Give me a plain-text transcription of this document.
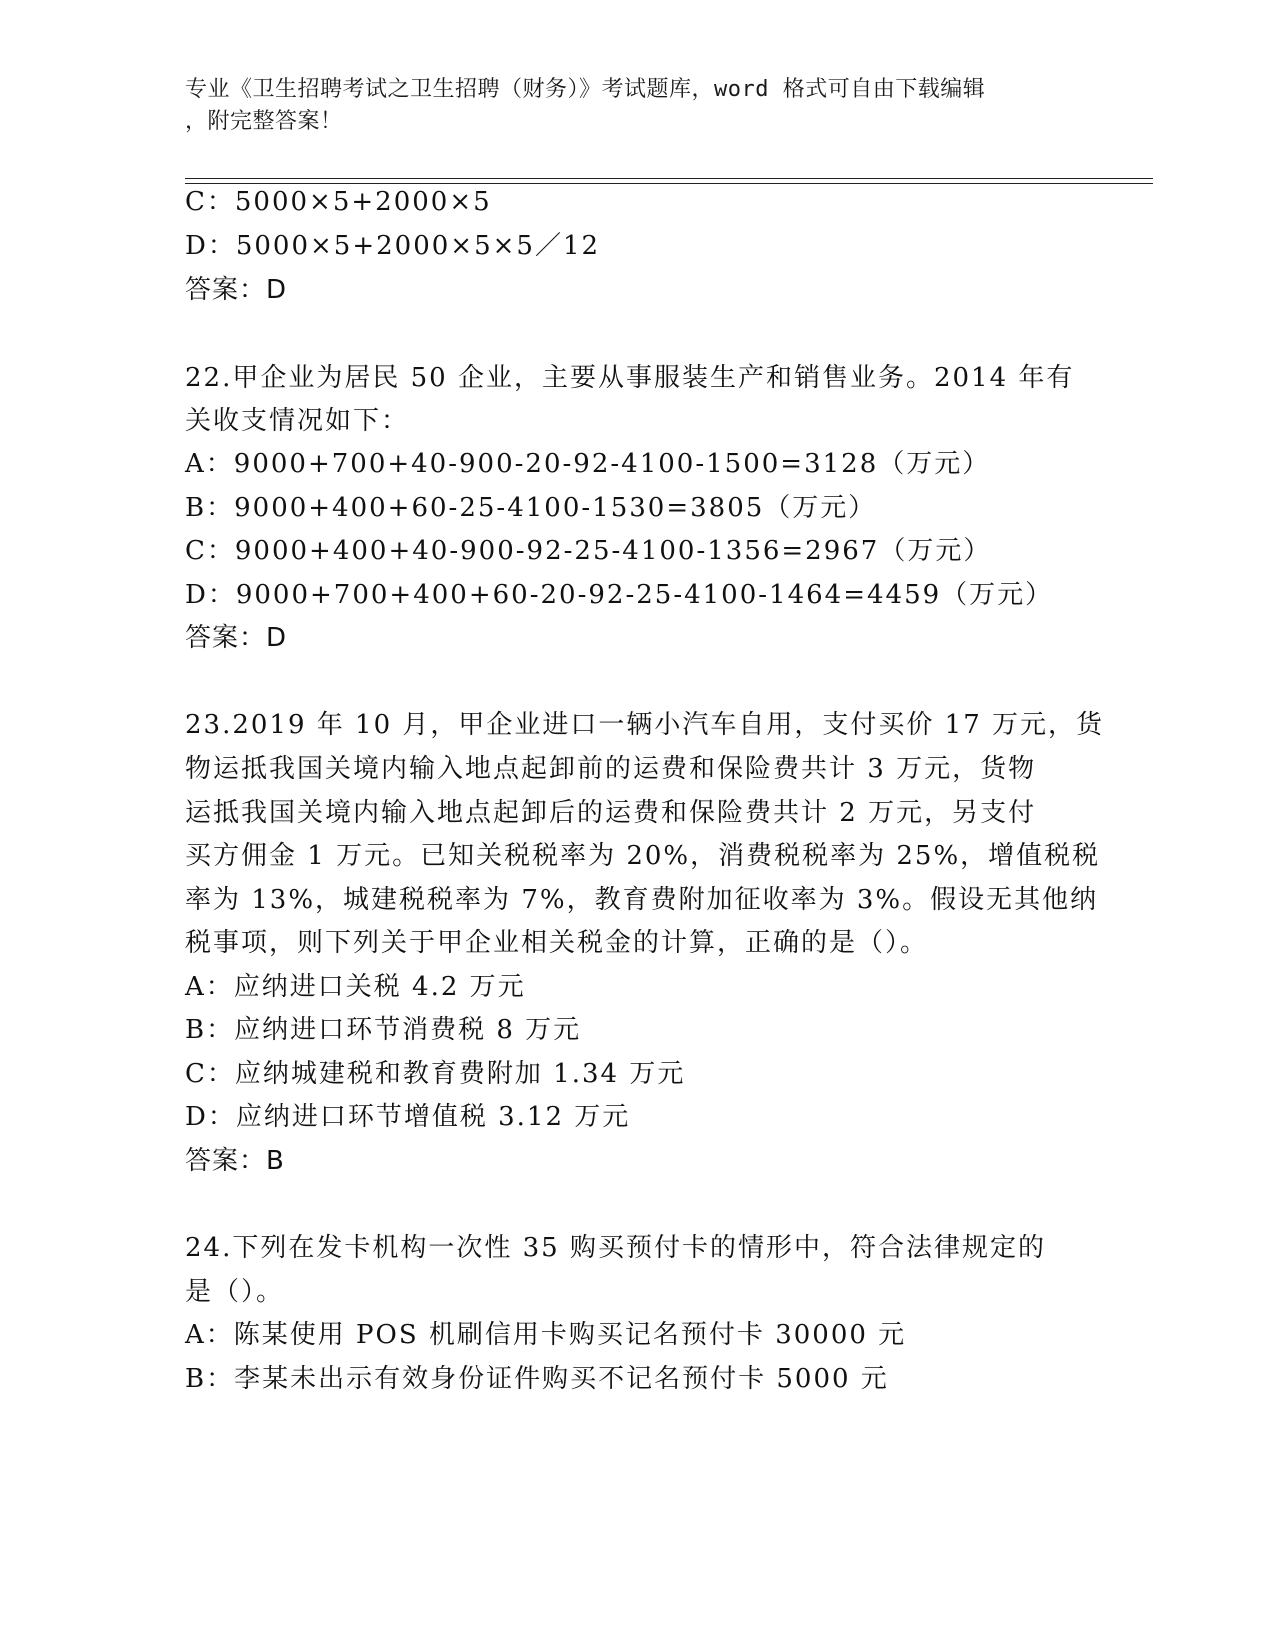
专业《卫生招聘考试之卫生招聘（财务）》考试题库，word 格式可自由下载编辑

，附完整答案！

C：5000×5+2000×5
D：5000×5+2000×5×5／12
答案：D
22.甲企业为居民 50 企业，主要从事服装生产和销售业务。2014 年有
关收支情况如下：
A：9000+700+40-900-20-92-4100-1500=3128（万元）
B：9000+400+60-25-4100-1530=3805（万元）
C：9000+400+40-900-92-25-4100-1356=2967（万元）
D：9000+700+400+60-20-92-25-4100-1464=4459（万元）
答案：D
23.2019 年 10 月，甲企业进口一辆小汽车自用，支付买价 17 万元，货
物运抵我国关境内输入地点起卸前的运费和保险费共计 3 万元，货物
运抵我国关境内输入地点起卸后的运费和保险费共计 2 万元，另支付
买方佣金 1 万元。已知关税税率为 20%，消费税税率为 25%，增值税税
率为 13%，城建税税率为 7%，教育费附加征收率为 3%。假设无其他纳
税事项，则下列关于甲企业相关税金的计算，正确的是（）。
A：应纳进口关税 4.2 万元
B：应纳进口环节消费税 8 万元
C：应纳城建税和教育费附加 1.34 万元
D：应纳进口环节增值税 3.12 万元
答案：B
24.下列在发卡机构一次性 35 购买预付卡的情形中，符合法律规定的
是（）。
A：陈某使用 POS 机刷信用卡购买记名预付卡 30000 元
B：李某未出示有效身份证件购买不记名预付卡 5000 元
